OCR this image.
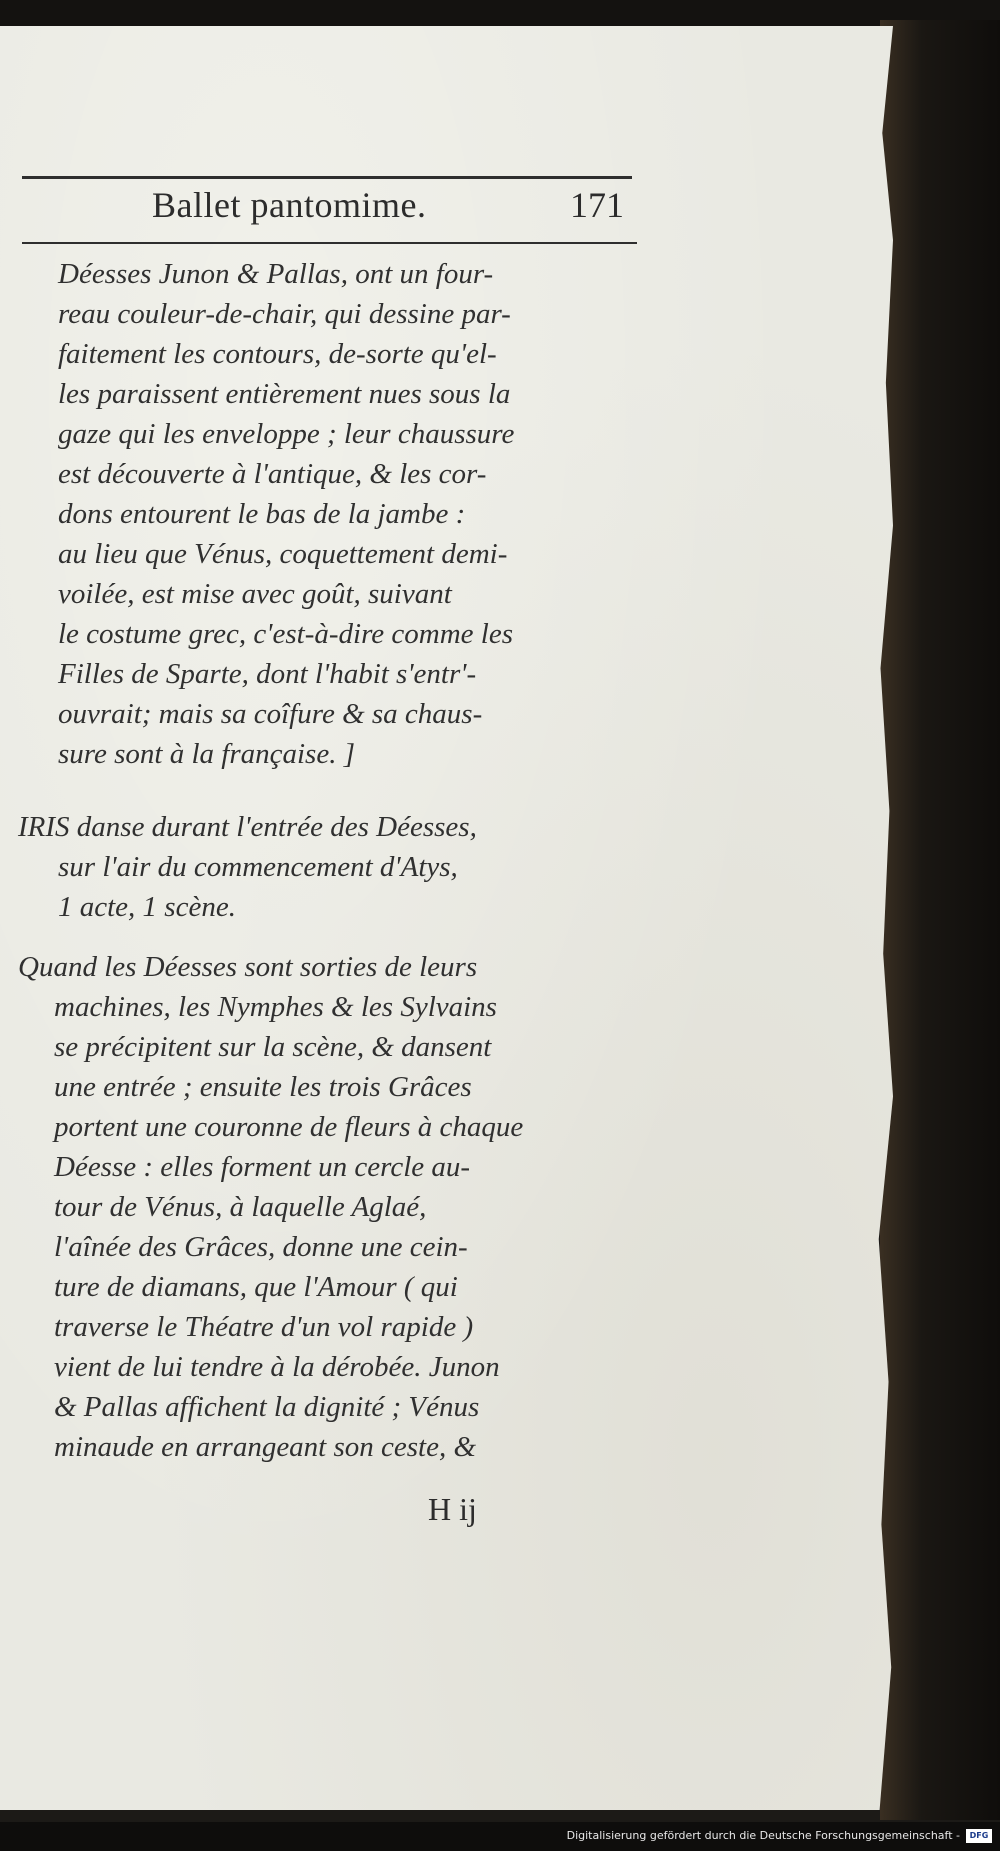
Ballet pantomime.	171
Déesses Junon & Pallas, ont un four-
reau couleur-de-chair, qui dessine par-
faitement les contours, de-sorte qu'el-
les paraissent entièrement nues sous la
gaze qui les enveloppe ; leur chaussure
est découverte à l'antique, & les cor-
dons entourent le bas de la jambe :
au lieu que Vénus, coquettement demi-
voilée, est mise avec goût, suivant
le costume grec, c'est-à-dire comme les
Filles de Sparte, dont l'habit s'entr'-
ouvrait; mais sa coîfure & sa chaus-
sure sont à la française. ]
IRIS danse durant l'entrée des Déesses,
sur l'air du commencement d'Atys,
1 acte, 1 scène.
Quand les Déesses sont sorties de leurs
machines, les Nymphes & les Sylvains
se précipitent sur la scène, & dansent
une entrée ; ensuite les trois Grâces
portent une couronne de fleurs à chaque
Déesse : elles forment un cercle au-
tour de Vénus, à laquelle Aglaé,
l'aînée des Grâces, donne une cein-
ture de diamans, que l'Amour ( qui
traverse le Théatre d'un vol rapide )
vient de lui tendre à la dérobée. Junon
& Pallas affichent la dignité ; Vénus
minaude en arrangeant son ceste, &
H ij
Digitalisierung gefördert durch die Deutsche Forschungsgemeinschaft -	DFG
